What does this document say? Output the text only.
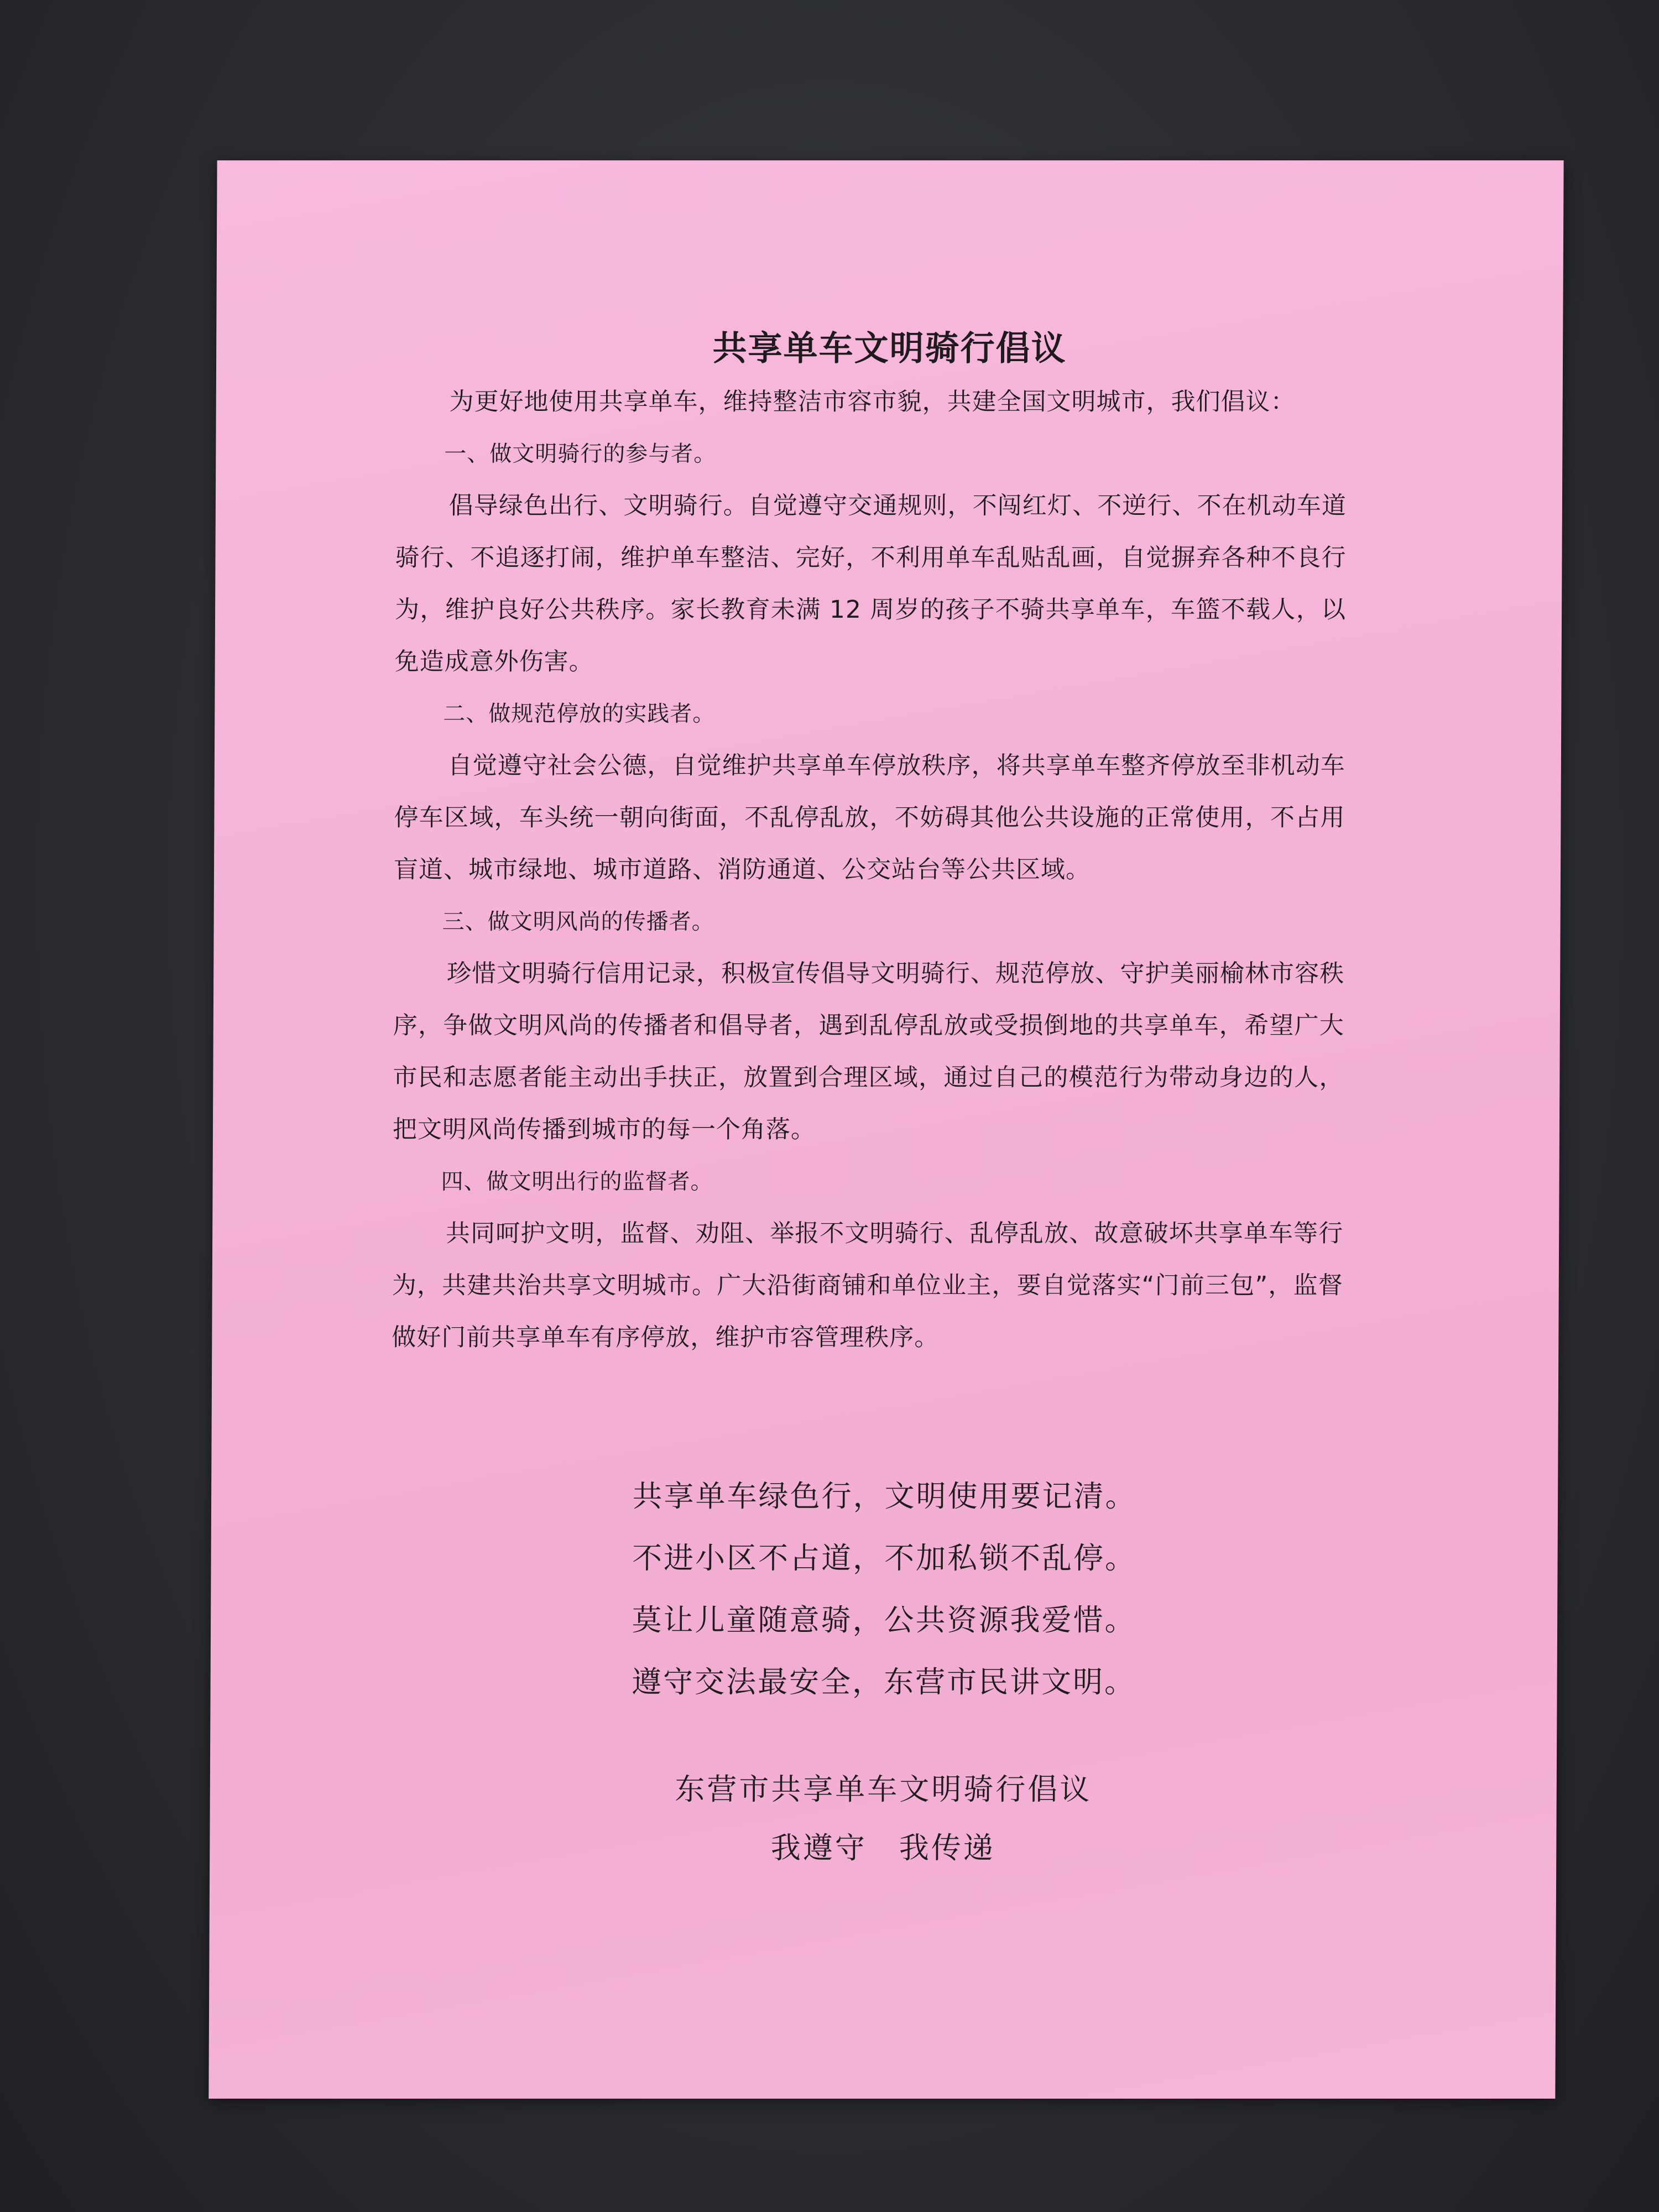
共享单车文明骑行倡议

为更好地使用共享单车，维持整洁市容市貌，共建全国文明城市，我们倡议：

一、做文明骑行的参与者。

倡导绿色出行、文明骑行。自觉遵守交通规则，不闯红灯、不逆行、不在机动车道骑行、不追逐打闹，维护单车整洁、完好，不利用单车乱贴乱画，自觉摒弃各种不良行为，维护良好公共秩序。家长教育未满 12 周岁的孩子不骑共享单车，车篮不载人，以免造成意外伤害。

二、做规范停放的实践者。

自觉遵守社会公德，自觉维护共享单车停放秩序，将共享单车整齐停放至非机动车停车区域，车头统一朝向街面，不乱停乱放，不妨碍其他公共设施的正常使用，不占用盲道、城市绿地、城市道路、消防通道、公交站台等公共区域。

三、做文明风尚的传播者。

珍惜文明骑行信用记录，积极宣传倡导文明骑行、规范停放、守护美丽榆林市容秩序，争做文明风尚的传播者和倡导者，遇到乱停乱放或受损倒地的共享单车，希望广大市民和志愿者能主动出手扶正，放置到合理区域，通过自己的模范行为带动身边的人，把文明风尚传播到城市的每一个角落。

四、做文明出行的监督者。

共同呵护文明，监督、劝阻、举报不文明骑行、乱停乱放、故意破坏共享单车等行为，共建共治共享文明城市。广大沿街商铺和单位业主，要自觉落实“门前三包”，监督做好门前共享单车有序停放，维护市容管理秩序。

共享单车绿色行，文明使用要记清。
不进小区不占道，不加私锁不乱停。
莫让儿童随意骑，公共资源我爱惜。
遵守交法最安全，东营市民讲文明。
东营市共享单车文明骑行倡议
我遵守　我传递
